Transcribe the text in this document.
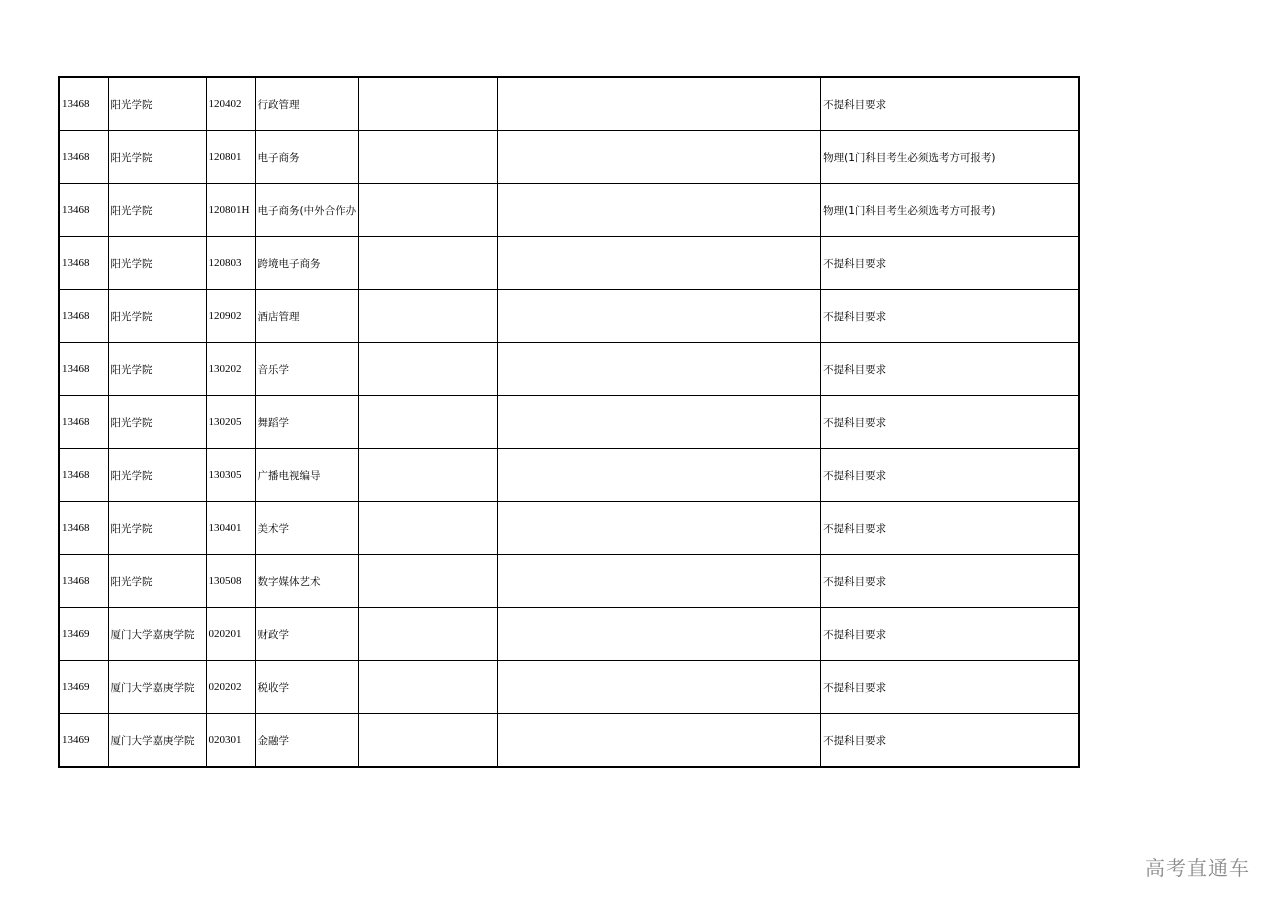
13468	阳光学院	120402	行政管理			不提科目要求
13468	阳光学院	120801	电子商务			物理(1门科目考生必须选考方可报考)
13468	阳光学院	120801H	电子商务(中外合作办			物理(1门科目考生必须选考方可报考)
13468	阳光学院	120803	跨境电子商务			不提科目要求
13468	阳光学院	120902	酒店管理			不提科目要求
13468	阳光学院	130202	音乐学			不提科目要求
13468	阳光学院	130205	舞蹈学			不提科目要求
13468	阳光学院	130305	广播电视编导			不提科目要求
13468	阳光学院	130401	美术学			不提科目要求
13468	阳光学院	130508	数字媒体艺术			不提科目要求
13469	厦门大学嘉庚学院	020201	财政学			不提科目要求
13469	厦门大学嘉庚学院	020202	税收学			不提科目要求
13469	厦门大学嘉庚学院	020301	金融学			不提科目要求
高考直通车
